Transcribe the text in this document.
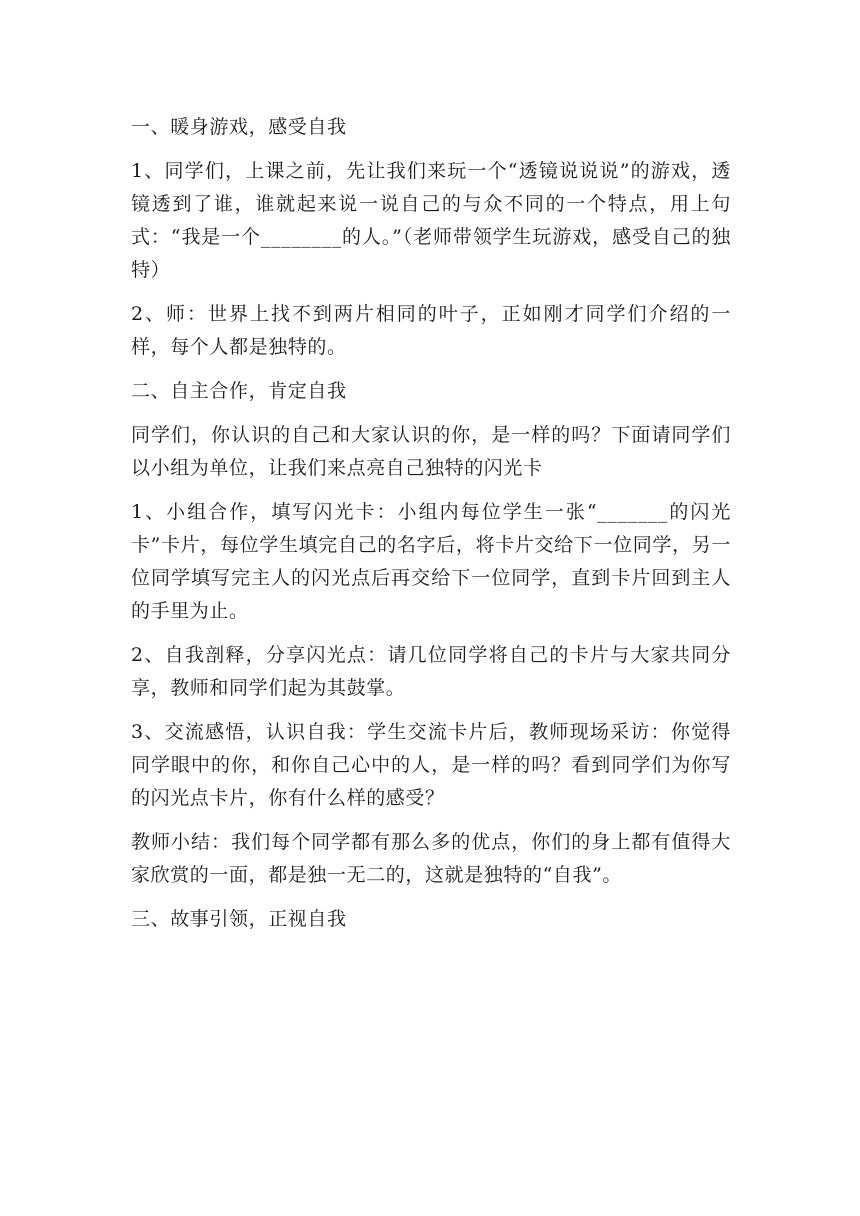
一、暖身游戏，感受自我

1、同学们，上课之前，先让我们来玩一个“透镜说说说”的游戏，透镜透到了谁，谁就起来说一说自己的与众不同的一个特点，用上句式：“我是一个________的人。”（老师带领学生玩游戏，感受自己的独特）

2、师：世界上找不到两片相同的叶子，正如刚才同学们介绍的一样，每个人都是独特的。

二、自主合作，肯定自我

同学们，你认识的自己和大家认识的你，是一样的吗？下面请同学们以小组为单位，让我们来点亮自己独特的闪光卡

1、小组合作，填写闪光卡：小组内每位学生一张“_______的闪光卡”卡片，每位学生填完自己的名字后，将卡片交给下一位同学，另一位同学填写完主人的闪光点后再交给下一位同学，直到卡片回到主人的手里为止。

2、自我剖释，分享闪光点：请几位同学将自己的卡片与大家共同分享，教师和同学们起为其鼓掌。

3、交流感悟，认识自我：学生交流卡片后，教师现场采访：你觉得同学眼中的你，和你自己心中的人，是一样的吗？看到同学们为你写的闪光点卡片，你有什么样的感受？

教师小结：我们每个同学都有那么多的优点，你们的身上都有值得大家欣赏的一面，都是独一无二的，这就是独特的“自我”。

三、故事引领，正视自我
